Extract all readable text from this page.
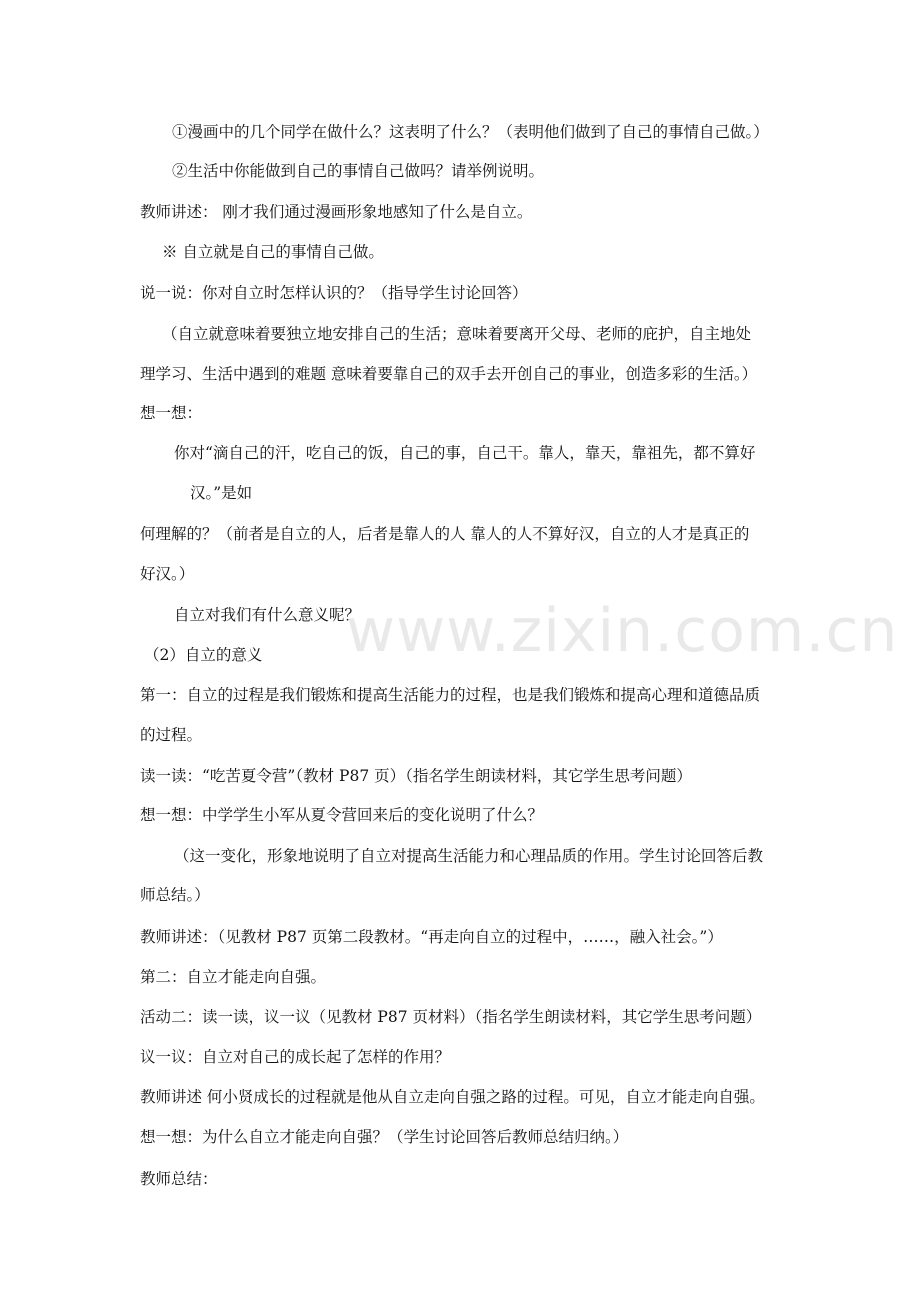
www.zixin.com.cn
①漫画中的几个同学在做什么？这表明了什么？（表明他们做到了自己的事情自己做。）
②生活中你能做到自己的事情自己做吗？请举例说明。
教师讲述： 刚才我们通过漫画形象地感知了什么是自立。
※ 自立就是自己的事情自己做。
说一说：你对自立时怎样认识的？（指导学生讨论回答）
（自立就意味着要独立地安排自己的生活；意味着要离开父母、老师的庇护，自主地处
理学习、生活中遇到的难题 意味着要靠自己的双手去开创自己的事业，创造多彩的生活。）
想一想：
你对“滴自己的汗，吃自己的饭，自己的事，自己干。靠人，靠天，靠祖先，都不算好
汉。”是如
何理解的？（前者是自立的人，后者是靠人的人 靠人的人不算好汉，自立的人才是真正的
好汉。）
自立对我们有什么意义呢？
（2）自立的意义
第一：自立的过程是我们锻炼和提高生活能力的过程，也是我们锻炼和提高心理和道德品质
的过程。
读一读：“吃苦夏令营”（教材 P87 页）（指名学生朗读材料，其它学生思考问题）
想一想：中学学生小军从夏令营回来后的变化说明了什么？
（这一变化，形象地说明了自立对提高生活能力和心理品质的作用。学生讨论回答后教
师总结。）
教师讲述：（见教材 P87 页第二段教材。“再走向自立的过程中，……，融入社会。”）
第二：自立才能走向自强。
活动二：读一读，议一议（见教材 P87 页材料）（指名学生朗读材料，其它学生思考问题）
议一议：自立对自己的成长起了怎样的作用？
教师讲述 何小贤成长的过程就是他从自立走向自强之路的过程。可见，自立才能走向自强。
想一想：为什么自立才能走向自强？（学生讨论回答后教师总结归纳。）
教师总结：
